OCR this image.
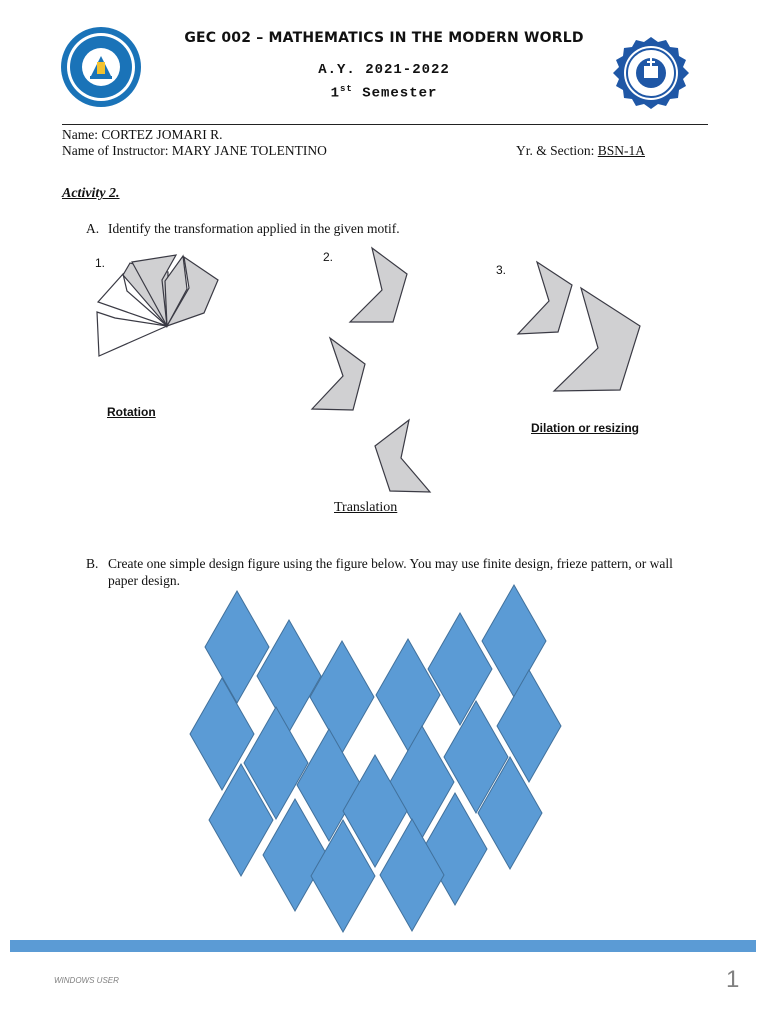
GEC 002 – MATHEMATICS IN THE MODERN WORLD
A.Y. 2021-2022
1st Semester
Name: CORTEZ JOMARI R.
Name of Instructor: MARY JANE TOLENTINO	Yr. & Section: BSN-1A
Activity 2.
A. Identify the transformation applied in the given motif.
1.	2.
3.
Rotation
Translation
Dilation or resizing
B. Create one simple design figure using the figure below. You may use finite design, frieze pattern, or wall paper design.
WINDOWS USER	1
